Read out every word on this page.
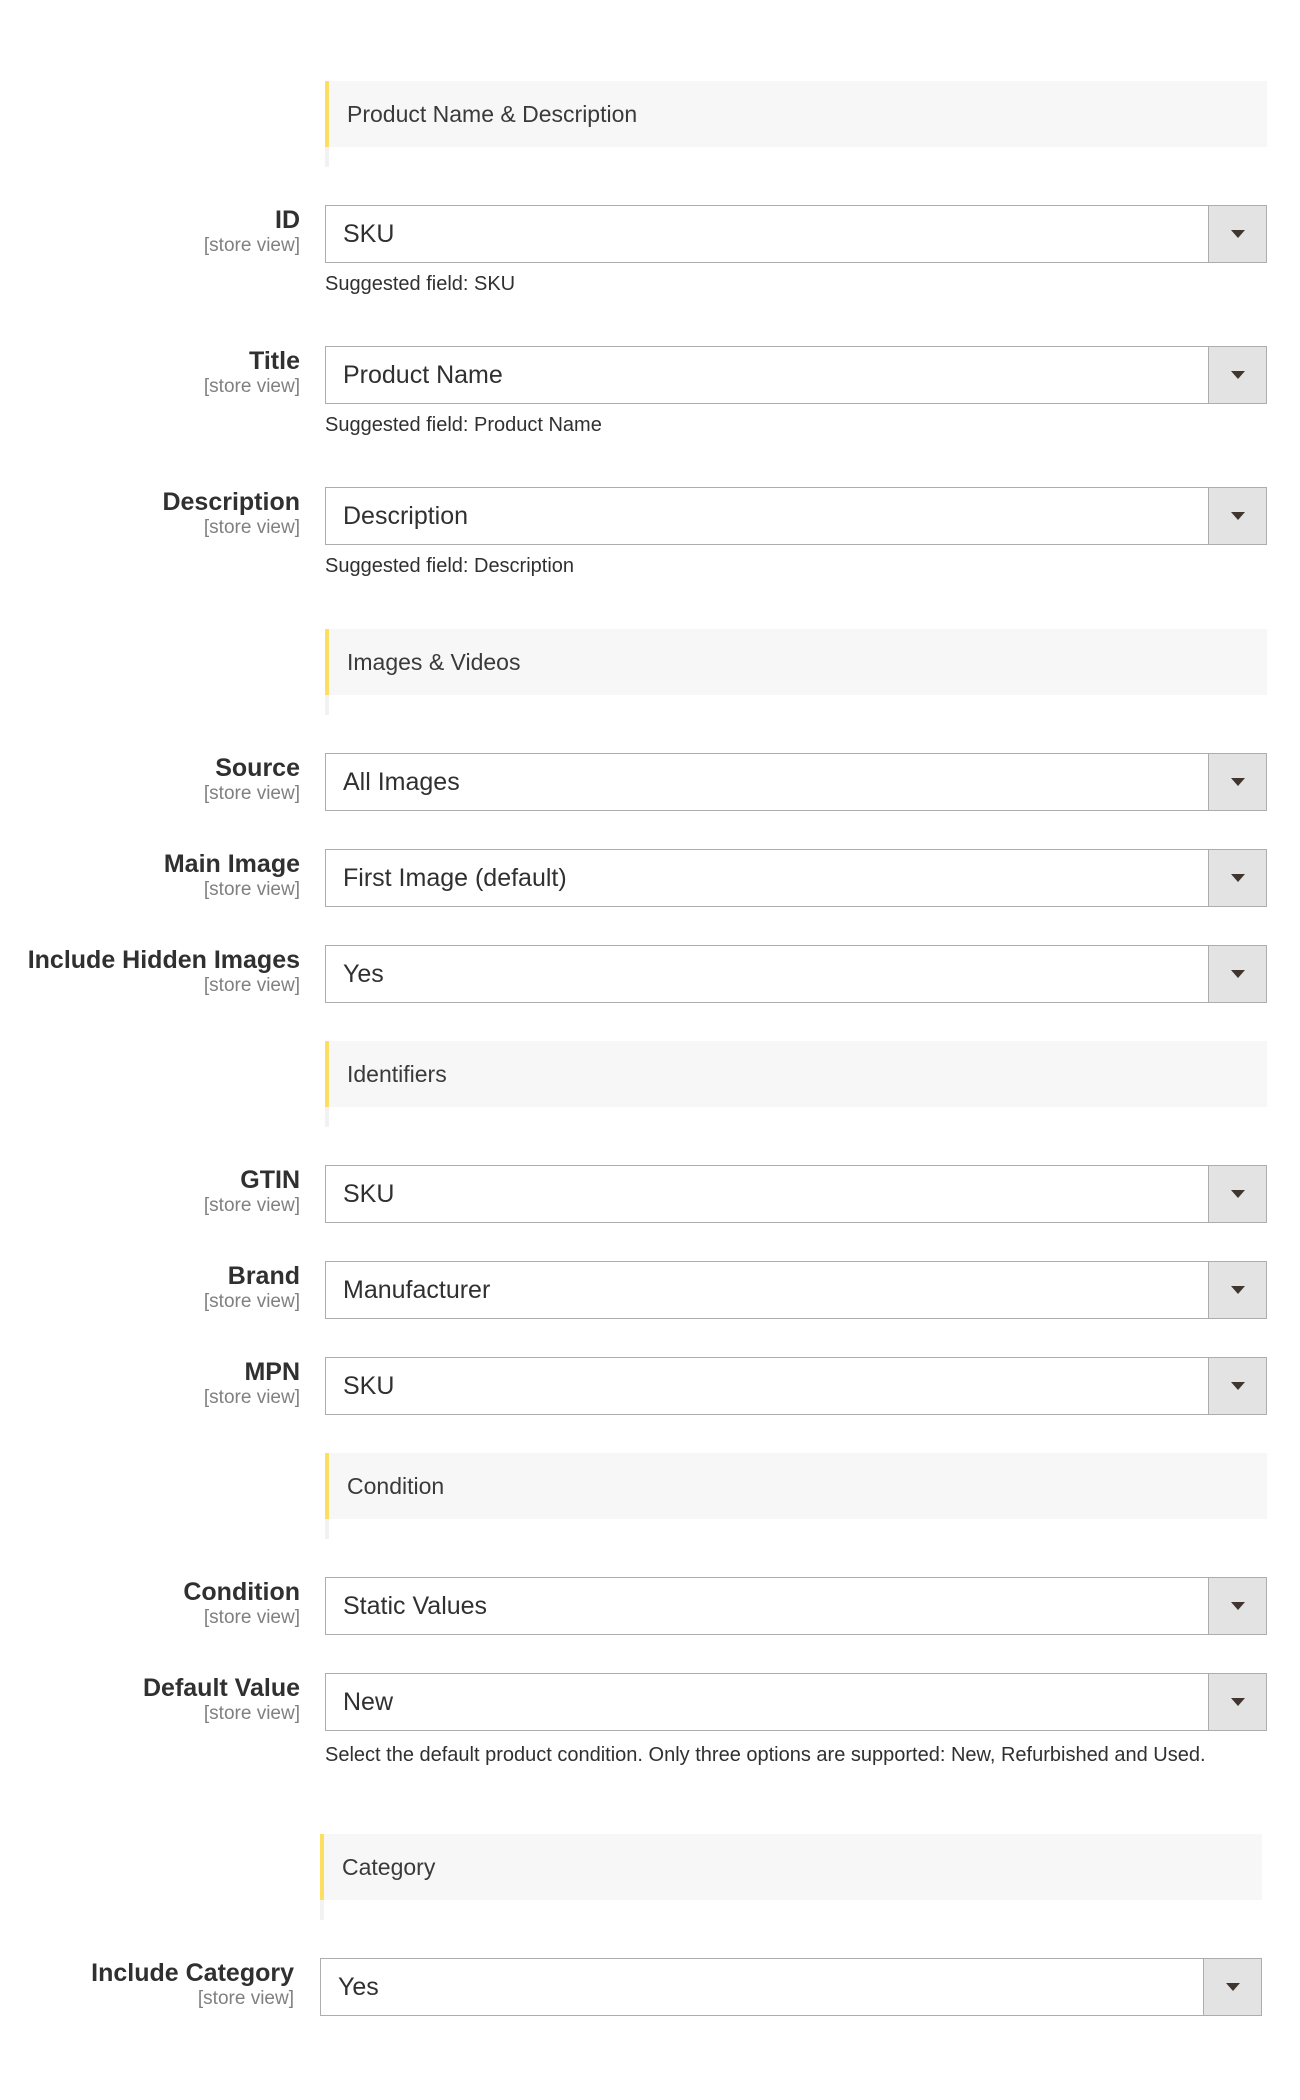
Product Name & Description
ID
[store view] SKU
Suggested field: SKU
Title
[store view] Product Name
Suggested field: Product Name
Description
[store view] Description
Suggested field: Description
Images & Videos
Source
[store view] All Images
Main Image
[store view] First Image (default)
Include Hidden Images
[store view] Yes
Identifiers
GTIN
[store view] SKU
Brand
[store view] Manufacturer
MPN
[store view] SKU
Condition
Condition
[store view] Static Values
Default Value
[store view] New
Select the default product condition. Only three options are supported: New, Refurbished and Used.
Category
Include Category
[store view] Yes
